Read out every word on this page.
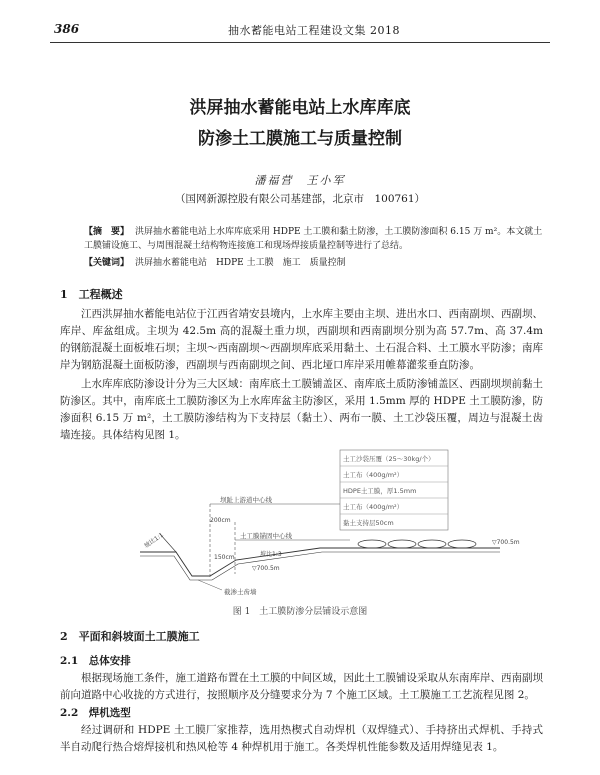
386	抽水蓄能电站工程建设文集 2018
洪屏抽水蓄能电站上水库库底
防渗土工膜施工与质量控制
潘福营　王小军
（国网新源控股有限公司基建部，北京市　100761）
【摘　要】 洪屏抽水蓄能电站上水库库底采用 HDPE 土工膜和黏土防渗，土工膜防渗面积 6.15 万 m²。本文就土
工膜铺设施工、与周围混凝土结构物连接施工和现场焊接质量控制等进行了总结。
【关键词】 洪屏抽水蓄能电站　HDPE 土工膜　施工　质量控制
1　工程概述
江西洪屏抽水蓄能电站位于江西省靖安县境内，上水库主要由主坝、进出水口、西南副坝、西副坝、库岸、库盆组成。主坝为 42.5m 高的混凝土重力坝，西副坝和西南副坝分别为高 57.7m、高 37.4m 的钢筋混凝土面板堆石坝；主坝～西南副坝～西副坝库底采用黏土、土石混合料、土工膜水平防渗；南库岸为钢筋混凝土面板防渗，西副坝与西南副坝之间、西北垭口库岸采用帷幕灌浆垂直防渗。
上水库库底防渗设计分为三大区域：南库底土工膜铺盖区、南库底土质防渗铺盖区、西副坝坝前黏土防渗区。其中，南库底土工膜防渗区为上水库库盆主防渗区，采用 1.5mm 厚的 HDPE 土工膜防渗，防渗面积 6.15 万 m²，土工膜防渗结构为下支持层（黏土）、两布一膜、土工沙袋压覆，周边与混凝土齿墙连接。具体结构见图 1。
土工沙袋压覆（25～30kg/个）
土工布（400g/m²）
HDPE土工膜，厚1.5mm
土工布（400g/m²）
黏土支持层50cm
坝趾上游道中心线
200cm
土工膜锚固中心线
150cm	坡比1:3
坡比1:1
▽700.5m
▽700.5m
截渗土齿墙
图 1　土工膜防渗分层铺设示意图
2　平面和斜坡面土工膜施工
2.1　总体安排
根据现场施工条件，施工道路布置在土工膜的中间区域，因此土工膜铺设采取从东南库岸、西南副坝前向道路中心收拢的方式进行，按照顺序及分缝要求分为 7 个施工区域。土工膜施工工艺流程见图 2。
2.2　焊机选型
经过调研和 HDPE 土工膜厂家推荐，选用热楔式自动焊机（双焊缝式）、手持挤出式焊机、手持式半自动爬行热合熔焊接机和热风枪等 4 种焊机用于施工。各类焊机性能参数及适用焊缝见表 1。
